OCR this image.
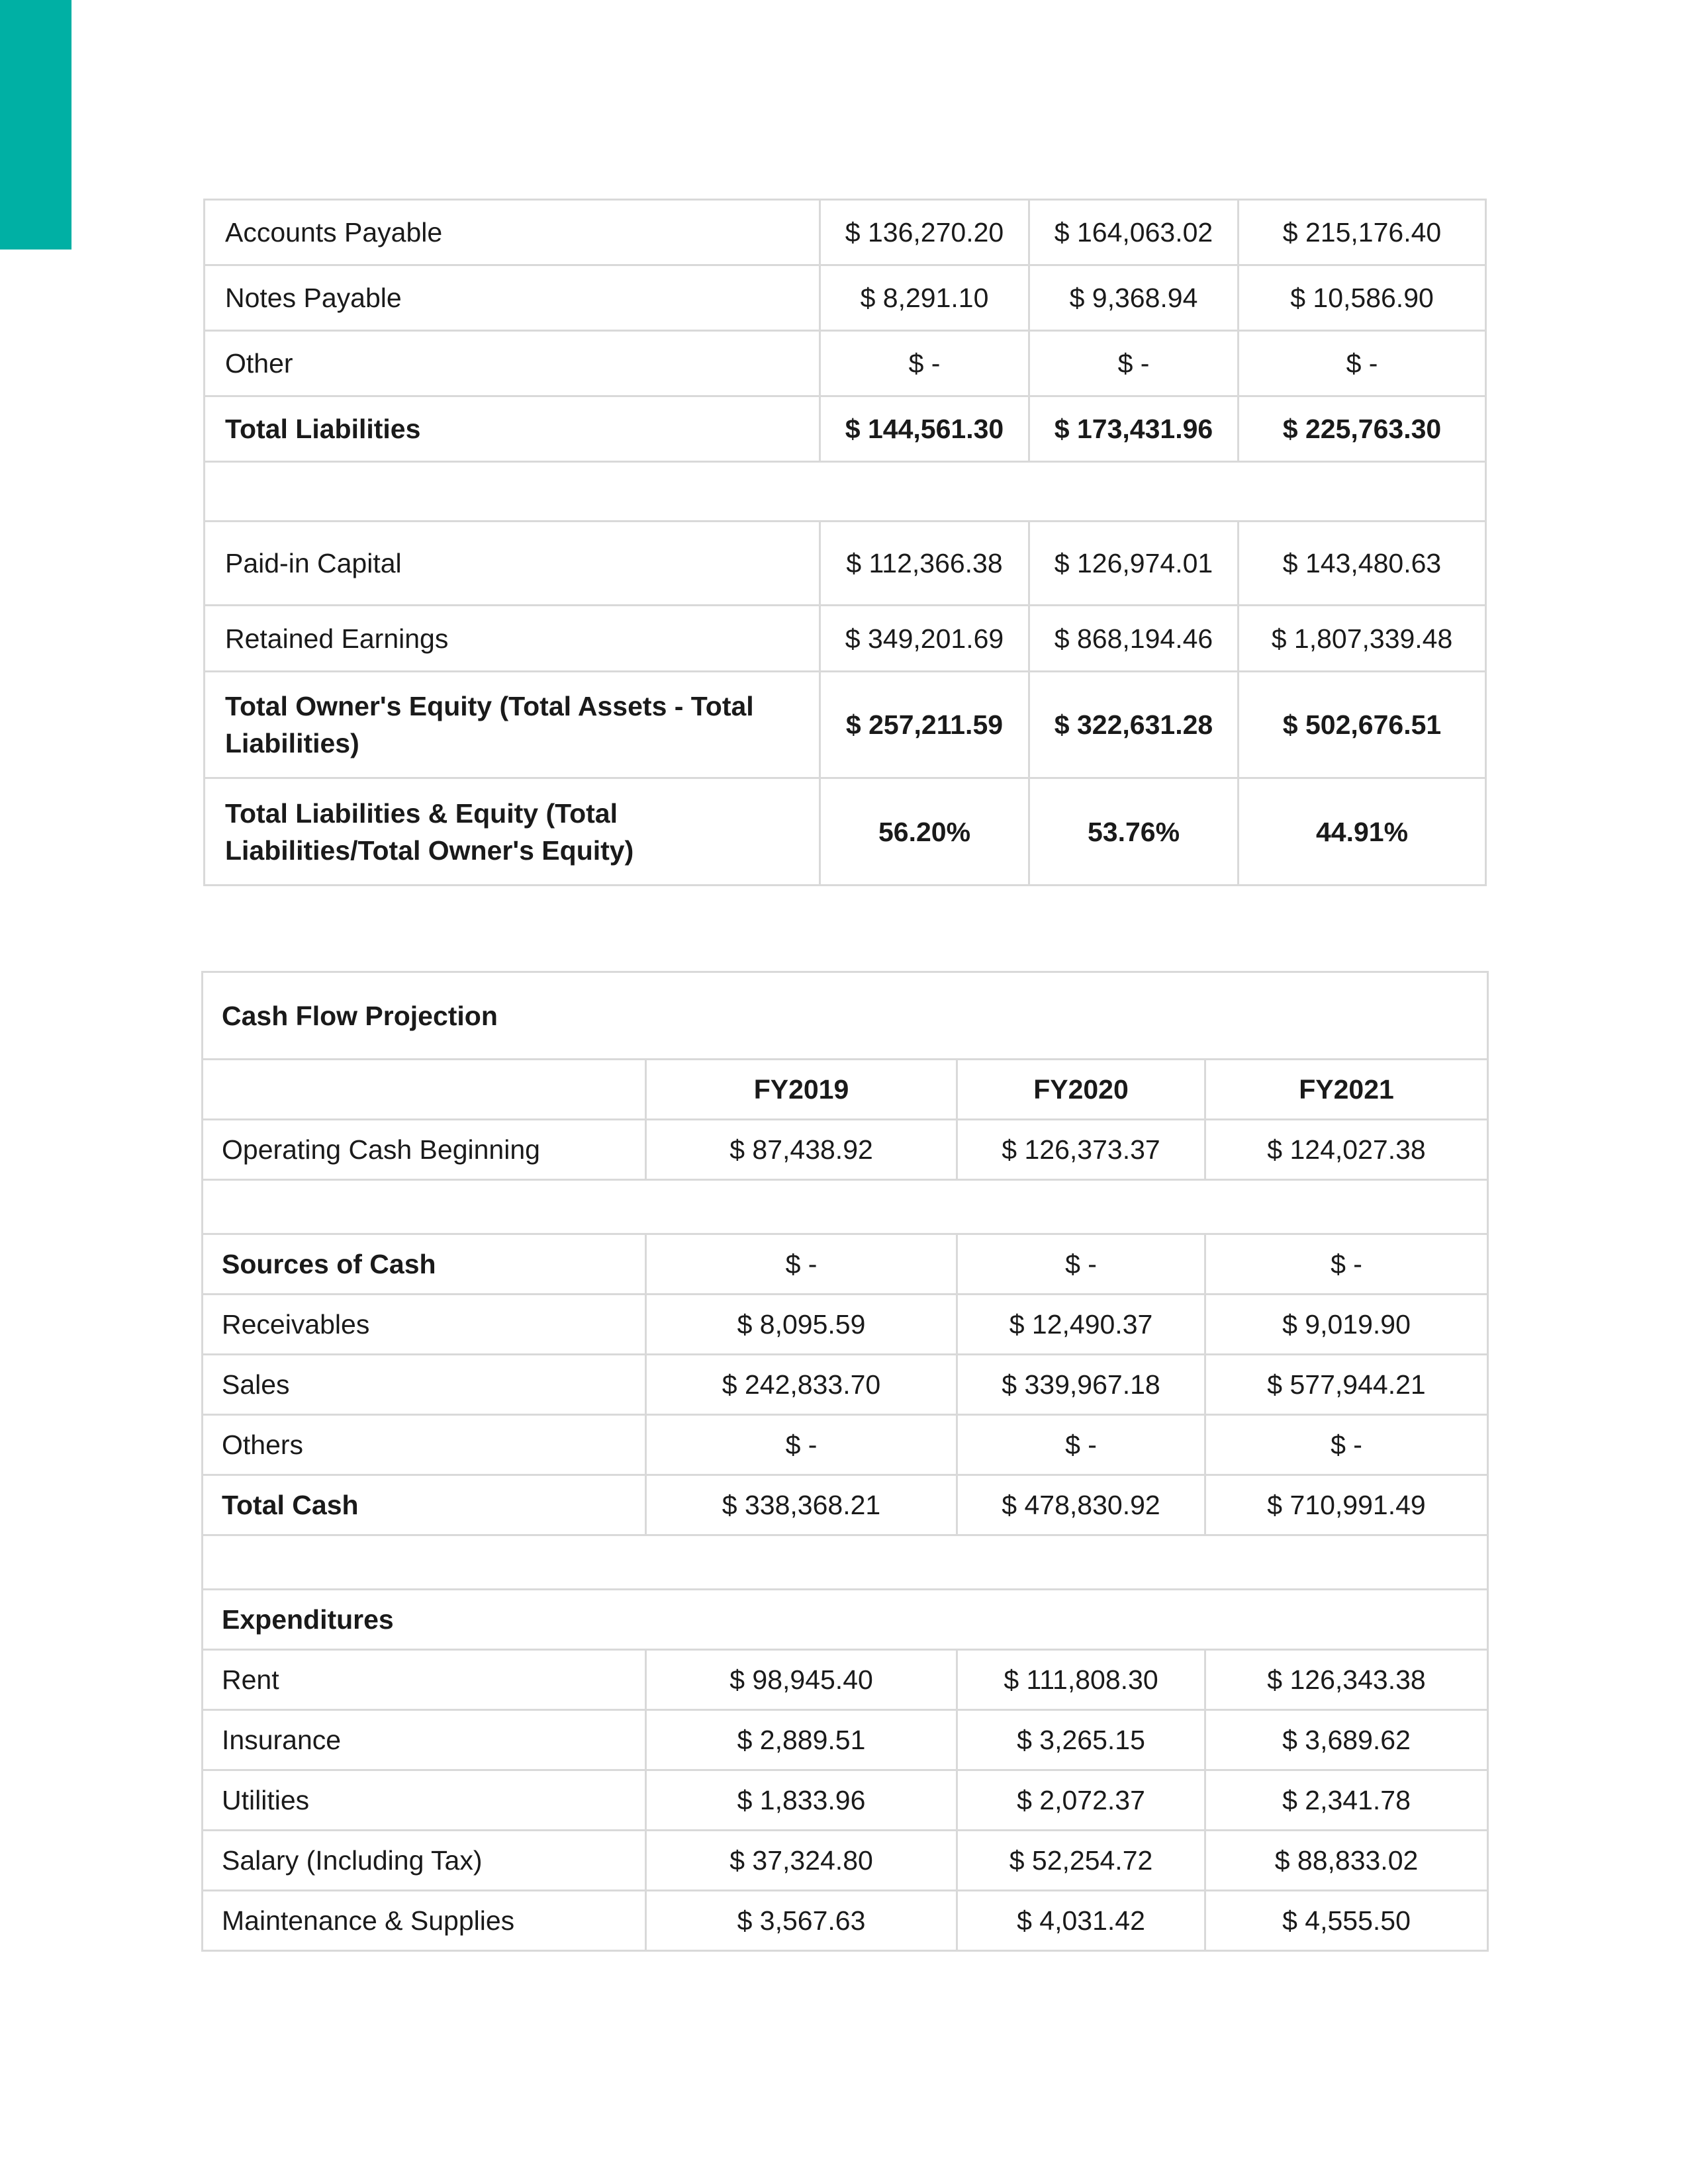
Accounts Payable	$ 136,270.20	$ 164,063.02	$ 215,176.40
Notes Payable	$ 8,291.10	$ 9,368.94	$ 10,586.90
Other	$ -	$ -	$ -
Total Liabilities	$ 144,561.30	$ 173,431.96	$ 225,763.30

Paid-in Capital	$ 112,366.38	$ 126,974.01	$ 143,480.63
Retained Earnings	$ 349,201.69	$ 868,194.46	$ 1,807,339.48
Total Owner's Equity (Total Assets - Total Liabilities)	$ 257,211.59	$ 322,631.28	$ 502,676.51
Total Liabilities & Equity (Total Liabilities/Total Owner's Equity)	56.20%	53.76%	44.91%
Cash Flow Projection			
	FY2019	FY2020	FY2021
Operating Cash Beginning	$ 87,438.92	$ 126,373.37	$ 124,027.38

Sources of Cash	$ -	$ -	$ -
Receivables	$ 8,095.59	$ 12,490.37	$ 9,019.90
Sales	$ 242,833.70	$ 339,967.18	$ 577,944.21
Others	$ -	$ -	$ -
Total Cash	$ 338,368.21	$ 478,830.92	$ 710,991.49

Expenditures			
Rent	$ 98,945.40	$ 111,808.30	$ 126,343.38
Insurance	$ 2,889.51	$ 3,265.15	$ 3,689.62
Utilities	$ 1,833.96	$ 2,072.37	$ 2,341.78
Salary (Including Tax)	$ 37,324.80	$ 52,254.72	$ 88,833.02
Maintenance & Supplies	$ 3,567.63	$ 4,031.42	$ 4,555.50
